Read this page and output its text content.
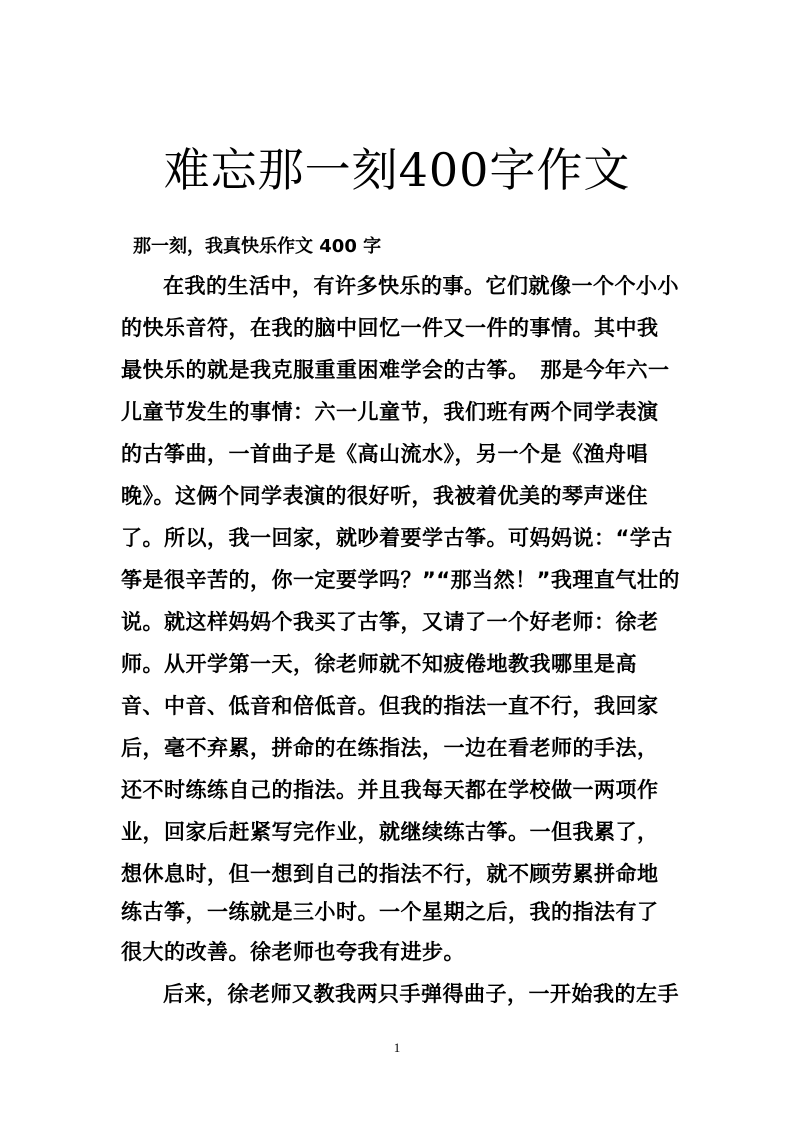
难忘那一刻400字作文

那一刻，我真快乐作文 400 字

在我的生活中，有许多快乐的事。它们就像一个个小小

的快乐音符，在我的脑中回忆一件又一件的事情。其中我

最快乐的就是我克服重重困难学会的古筝。　那是今年六一

儿童节发生的事情：六一儿童节，我们班有两个同学表演

的古筝曲，一首曲子是《高山流水》，另一个是《渔舟唱

晚》。这俩个同学表演的很好听，我被着优美的琴声迷住

了。所以，我一回家，就吵着要学古筝。可妈妈说：“学古

筝是很辛苦的，你一定要学吗？”“那当然！”我理直气壮的

说。就这样妈妈个我买了古筝，又请了一个好老师：徐老

师。从开学第一天，徐老师就不知疲倦地教我哪里是高

音、中音、低音和倍低音。但我的指法一直不行，我回家

后，毫不弃累，拼命的在练指法，一边在看老师的手法，

还不时练练自己的指法。并且我每天都在学校做一两项作

业，回家后赶紧写完作业，就继续练古筝。一但我累了，

想休息时，但一想到自己的指法不行，就不顾劳累拼命地

练古筝，一练就是三小时。一个星期之后，我的指法有了

很大的改善。徐老师也夸我有进步。

后来，徐老师又教我两只手弹得曲子，一开始我的左手

1
